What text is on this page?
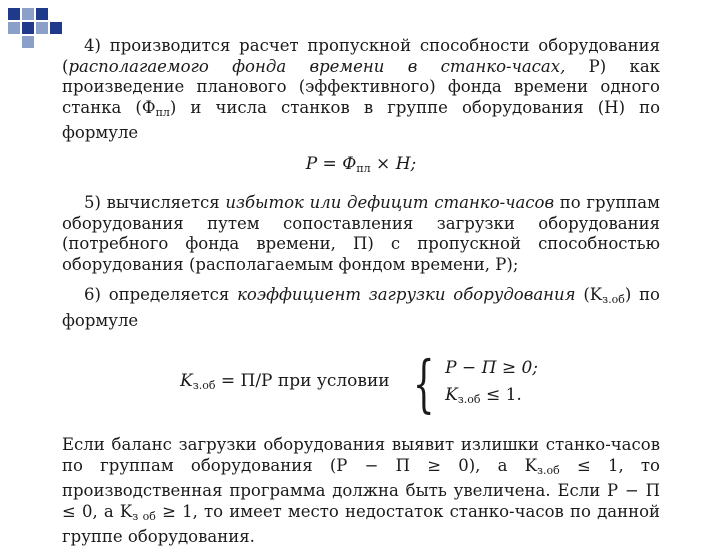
4) производится расчет пропускной способности оборудования (располагаемого фонда времени в станко-часах, P) как произведение планового (эффективного) фонда времени одного станка $(Ф_{пл})$ и числа станков в группе оборудования (H) по формуле

$P = Ф_{пл} \times H$;

5) вычисляется избыток или дефицит станко-часов по группам оборудования путем сопоставления загрузки оборудования (потребного фонда времени, П) с пропускной способностью оборудования (располагаемым фондом времени, P);

6) определяется коэффициент загрузки оборудования $(K_{з.об})$ по формуле

$K_{з.об} = П/P$ при условии { P − П ≥ 0;
$K_{з.об} \le 1$.

Если баланс загрузки оборудования выявит излишки станко-часов по группам оборудования (P − П ≥ 0), а $K_{з.об} \le 1$, то производственная программа должна быть увеличена. Если P − П ≤ 0, а $K_{з об} \ge 1$, то имеет место недостаток станко-часов по данной группе оборудования.
